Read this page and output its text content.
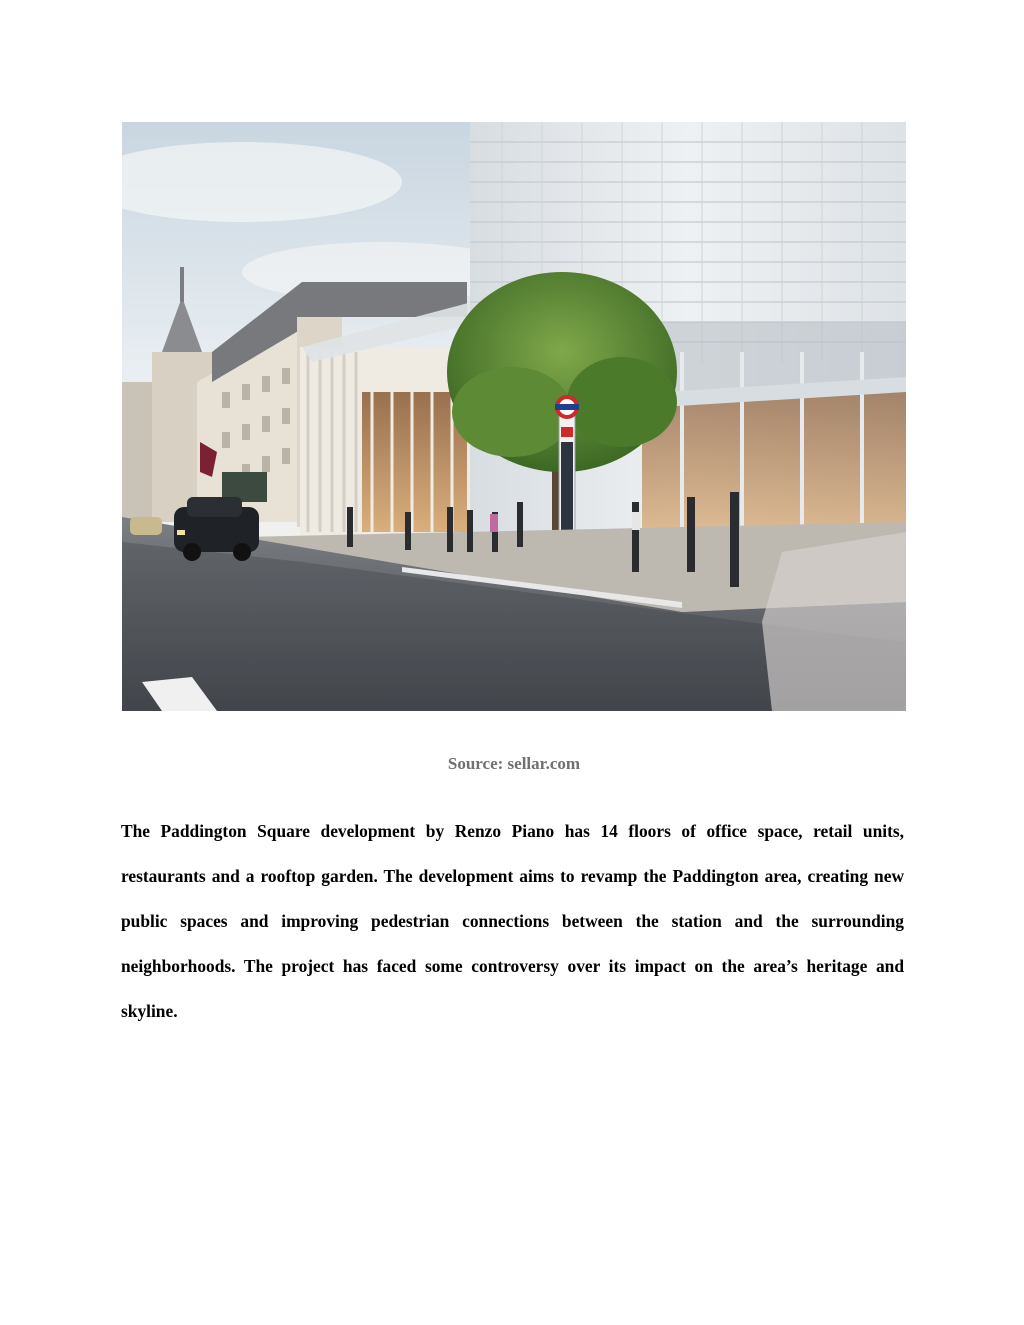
Source: sellar.com

The Paddington Square development by Renzo Piano has 14 floors of office space, retail units, restaurants and a rooftop garden. The development aims to revamp the Paddington area, creating new public spaces and improving pedestrian connections between the station and the surrounding neighborhoods. The project has faced some controversy over its impact on the area’s heritage and skyline.
